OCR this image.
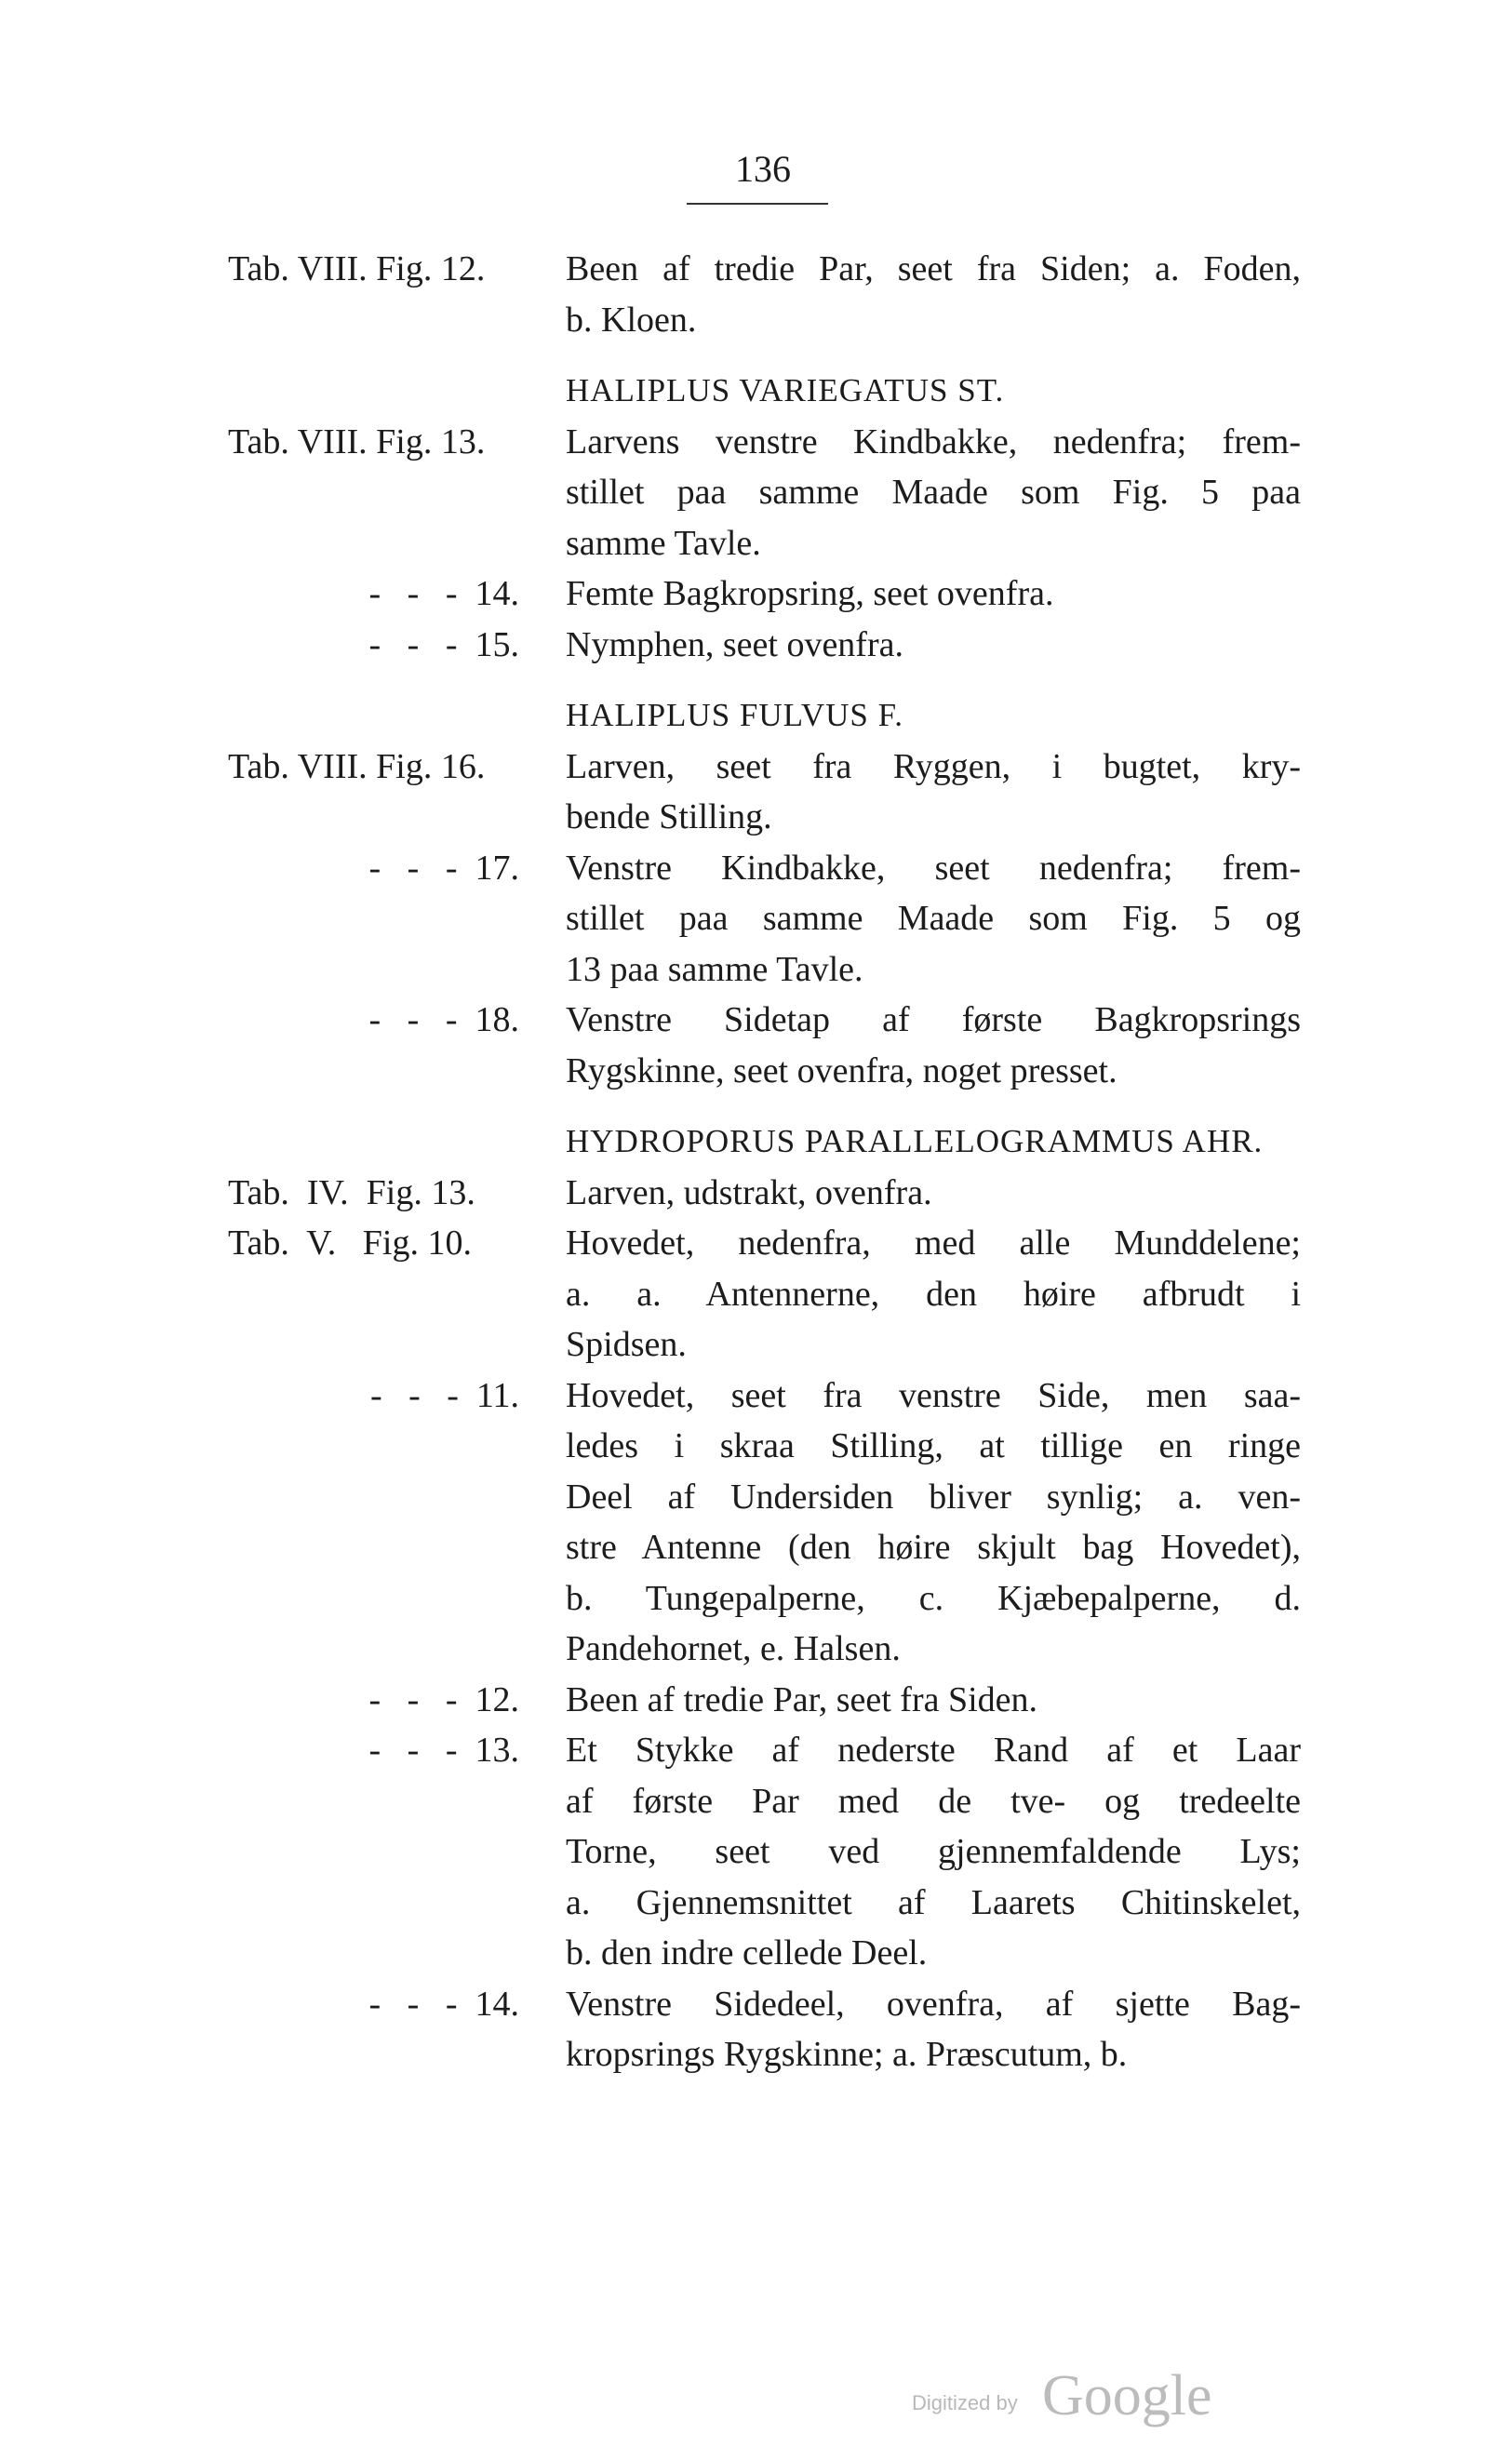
136
Tab. VIII. Fig. 12.	Been af tredie Par, seet fra Siden; a. Foden,
b. Kloen.
HALIPLUS VARIEGATUS ST.
Tab. VIII. Fig. 13.	Larvens venstre Kindbakke, nedenfra; frem-
stillet paa samme Maade som Fig. 5 paa
samme Tavle.
-   -   -  14. Femte Bagkropsring, seet ovenfra.
-   -   -  15. Nymphen, seet ovenfra.
HALIPLUS FULVUS F.
Tab. VIII. Fig. 16.	Larven, seet fra Ryggen, i bugtet, kry-
bende Stilling.
-   -   -  17. Venstre Kindbakke, seet nedenfra; frem-
stillet paa samme Maade som Fig. 5 og
13 paa samme Tavle.
-   -   -  18. Venstre Sidetap af første Bagkropsrings
Rygskinne, seet ovenfra, noget presset.
HYDROPORUS PARALLELOGRAMMUS AHR.
Tab.  IV.  Fig. 13.	Larven, udstrakt, ovenfra.
Tab.  V.   Fig. 10.	Hovedet, nedenfra, med alle Munddelene;
a. a. Antennerne, den høire afbrudt i
Spidsen.
-   -   -  11. Hovedet, seet fra venstre Side, men saa-
ledes i skraa Stilling, at tillige en ringe
Deel af Undersiden bliver synlig; a. ven-
stre Antenne (den høire skjult bag Hovedet),
b. Tungepalperne, c. Kjæbepalperne, d.
Pandehornet, e. Halsen.
-   -   -  12. Been af tredie Par, seet fra Siden.
-   -   -  13. Et Stykke af nederste Rand af et Laar
af første Par med de tve- og tredeelte
Torne, seet ved gjennemfaldende Lys;
a. Gjennemsnittet af Laarets Chitinskelet,
b. den indre cellede Deel.
-   -   -  14. Venstre Sidedeel, ovenfra, af sjette Bag-
kropsrings Rygskinne; a. Præscutum, b.
Digitized by Google
